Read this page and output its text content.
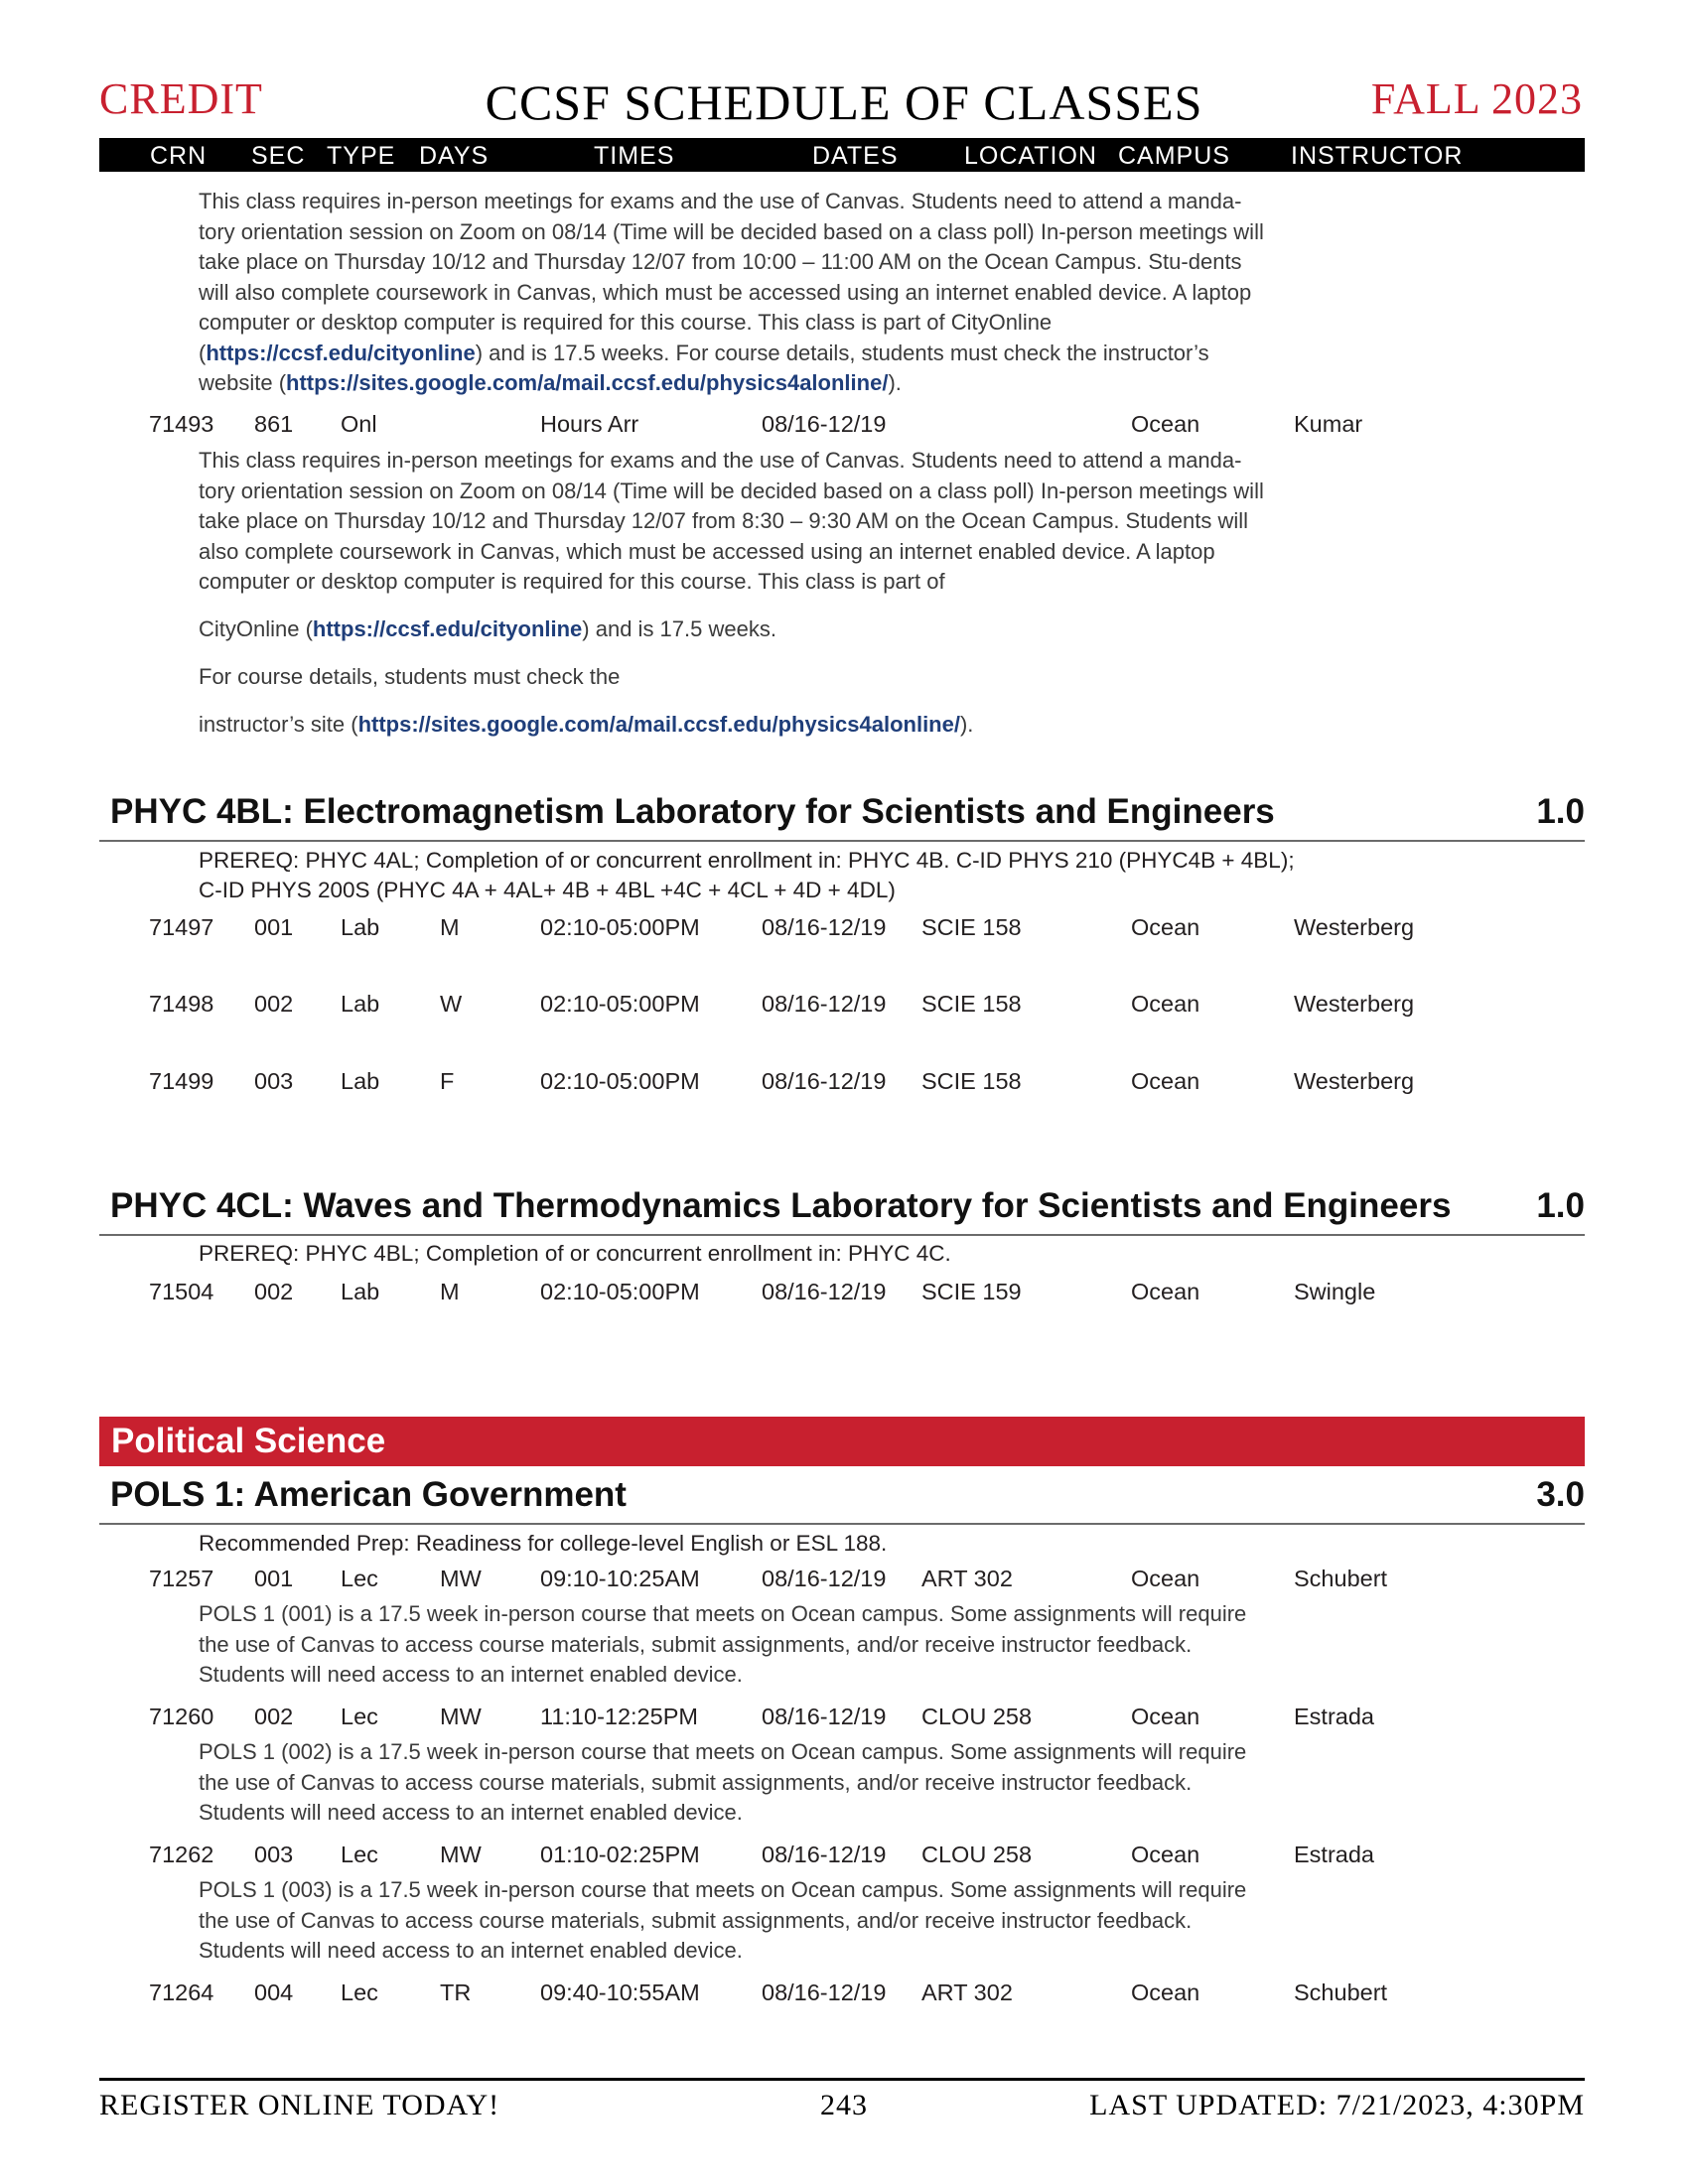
CREDIT	CCSF SCHEDULE OF CLASSES	FALL 2023
CRN SEC TYPE DAYS	TIMES	DATES	LOCATION CAMPUS INSTRUCTOR
This class requires in-person meetings for exams and the use of Canvas. Students need to attend a manda-tory orientation session on Zoom on 08/14 (Time will be decided based on a class poll) In-person meetings will take place on Thursday 10/12 and Thursday 12/07 from 10:00 – 11:00 AM on the Ocean Campus. Stu-dents will also complete coursework in Canvas, which must be accessed using an internet enabled device. A laptop computer or desktop computer is required for this course. This class is part of CityOnline (https://ccsf.edu/cityonline) and is 17.5 weeks. For course details, students must check the instructor’s website (https://sites.google.com/a/mail.ccsf.edu/physics4alonline/).
71493 861 Onl	Hours Arr	08/16-12/19	Ocean	Kumar
This class requires in-person meetings for exams and the use of Canvas. Students need to attend a manda-tory orientation session on Zoom on 08/14 (Time will be decided based on a class poll) In-person meetings will take place on Thursday 10/12 and Thursday 12/07 from 8:30 – 9:30 AM on the Ocean Campus. Students will also complete coursework in Canvas, which must be accessed using an internet enabled device. A laptop computer or desktop computer is required for this course. This class is part of
CityOnline (https://ccsf.edu/cityonline) and is 17.5 weeks.
For course details, students must check the
instructor’s site (https://sites.google.com/a/mail.ccsf.edu/physics4alonline/).
PHYC 4BL: Electromagnetism Laboratory for Scientists and Engineers	1.0
PREREQ: PHYC 4AL; Completion of or concurrent enrollment in: PHYC 4B. C-ID PHYS 210 (PHYC4B + 4BL);
C-ID PHYS 200S (PHYC 4A + 4AL+ 4B + 4BL +4C + 4CL + 4D + 4DL)
71497 001 Lab	M	02:10-05:00PM	08/16-12/19 SCIE 158	Ocean	Westerberg
71498 002 Lab	W	02:10-05:00PM	08/16-12/19 SCIE 158	Ocean	Westerberg
71499 003 Lab	F	02:10-05:00PM	08/16-12/19 SCIE 158	Ocean	Westerberg
PHYC 4CL: Waves and Thermodynamics Laboratory for Scientists and Engineers 1.0
PREREQ: PHYC 4BL; Completion of or concurrent enrollment in: PHYC 4C.
71504 002 Lab	M	02:10-05:00PM	08/16-12/19 SCIE 159	Ocean	Swingle
Political Science
POLS 1: American Government	3.0
Recommended Prep: Readiness for college-level English or ESL 188.
71257 001 Lec	MW	09:10-10:25AM	08/16-12/19 ART 302	Ocean	Schubert
POLS 1 (001) is a 17.5 week in-person course that meets on Ocean campus. Some assignments will require the use of Canvas to access course materials, submit assignments, and/or receive instructor feedback. Students will need access to an internet enabled device.
71260 002 Lec	MW	11:10-12:25PM	08/16-12/19 CLOU 258	Ocean	Estrada
POLS 1 (002) is a 17.5 week in-person course that meets on Ocean campus. Some assignments will require the use of Canvas to access course materials, submit assignments, and/or receive instructor feedback. Students will need access to an internet enabled device.
71262 003 Lec	MW	01:10-02:25PM	08/16-12/19 CLOU 258	Ocean	Estrada
POLS 1 (003) is a 17.5 week in-person course that meets on Ocean campus. Some assignments will require the use of Canvas to access course materials, submit assignments, and/or receive instructor feedback. Students will need access to an internet enabled device.
71264 004 Lec	TR	09:40-10:55AM	08/16-12/19 ART 302	Ocean	Schubert
REGISTER ONLINE TODAY!	243	LAST UPDATED: 7/21/2023, 4:30PM
